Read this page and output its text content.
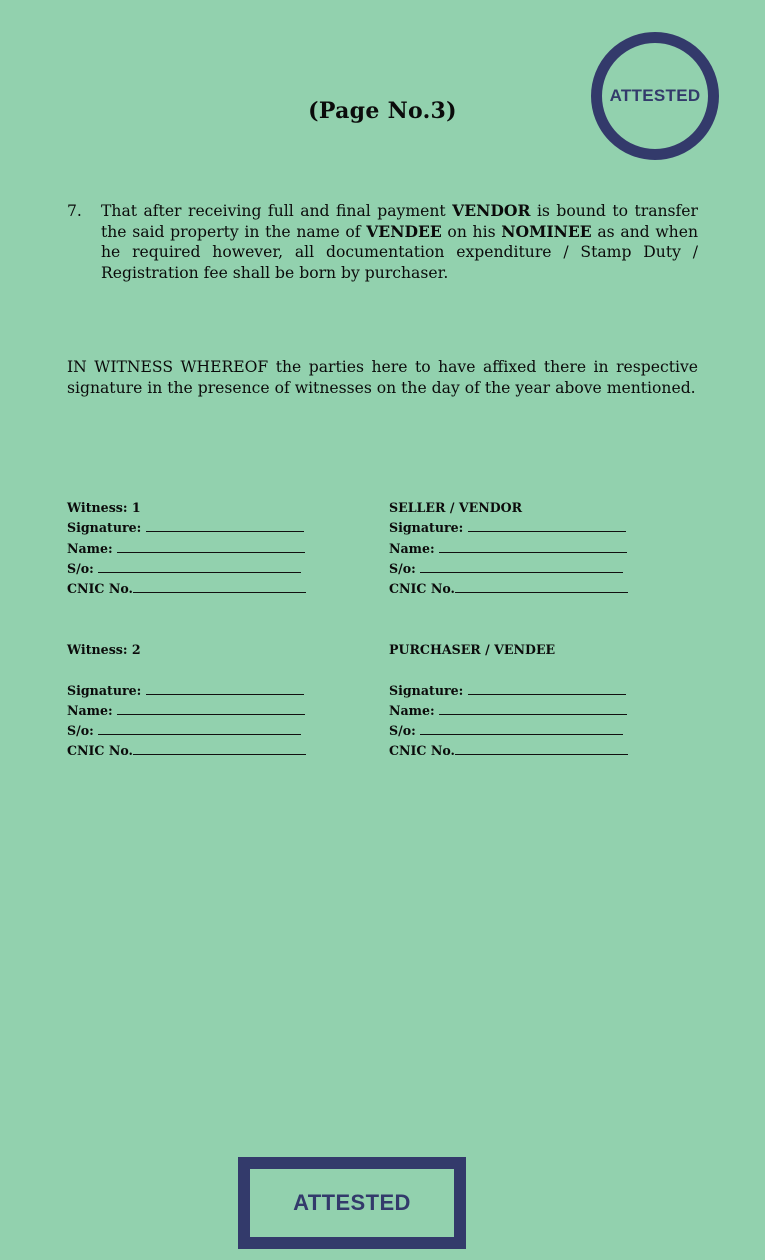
(Page No.3)
ATTESTED
7. That after receiving full and final payment VENDOR is bound to transfer the said property in the name of VENDEE on his NOMINEE as and when he required however, all documentation expenditure / Stamp Duty / Registration fee shall be born by purchaser.
IN WITNESS WHEREOF the parties here to have affixed there in respective signature in the presence of witnesses on the day of the year above mentioned.
Witness: 1
Signature:
Name:
S/o:
CNIC No.
SELLER / VENDOR
Signature:
Name:
S/o:
CNIC No.
Witness: 2
Signature:
Name:
S/o:
CNIC No.
PURCHASER / VENDEE
Signature:
Name:
S/o:
CNIC No.
ATTESTED
